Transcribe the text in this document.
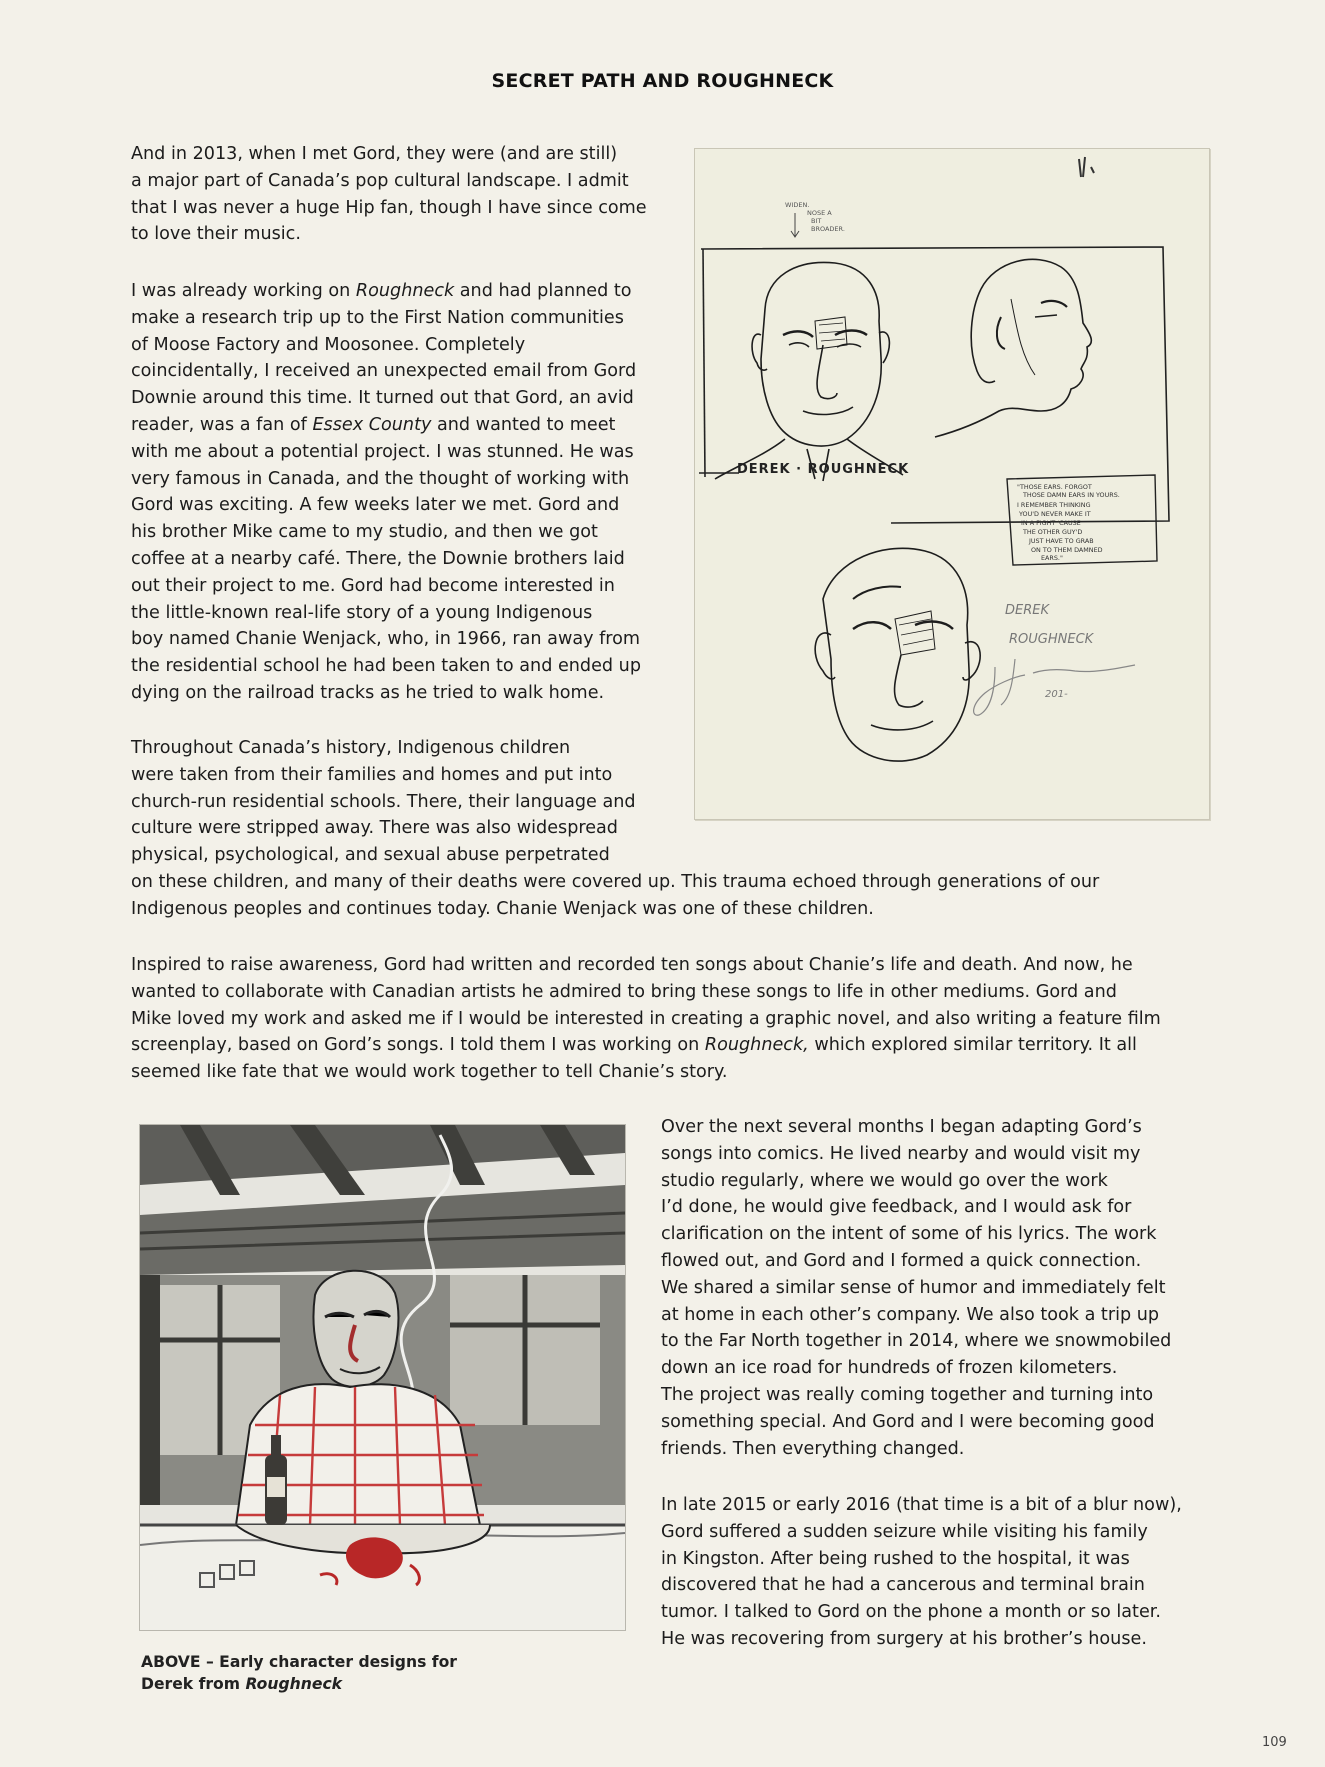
SECRET PATH AND ROUGHNECK
And in 2013, when I met Gord, they were (and are still)
a major part of Canada’s pop cultural landscape. I admit
that I was never a huge Hip fan, though I have since come
to love their music.
I was already working on Roughneck and had planned to
make a research trip up to the First Nation communities
of Moose Factory and Moosonee. Completely
coincidentally, I received an unexpected email from Gord
Downie around this time. It turned out that Gord, an avid
reader, was a fan of Essex County and wanted to meet
with me about a potential project. I was stunned. He was
very famous in Canada, and the thought of working with
Gord was exciting. A few weeks later we met. Gord and
his brother Mike came to my studio, and then we got
coffee at a nearby café. There, the Downie brothers laid
out their project to me. Gord had become interested in
the little-known real-life story of a young Indigenous
boy named Chanie Wenjack, who, in 1966, ran away from
the residential school he had been taken to and ended up
dying on the railroad tracks as he tried to walk home.
Throughout Canada’s history, Indigenous children
were taken from their families and homes and put into
church-run residential schools. There, their language and
culture were stripped away. There was also widespread
physical, psychological, and sexual abuse perpetrated
on these children, and many of their deaths were covered up. This trauma echoed through generations of our
Indigenous peoples and continues today. Chanie Wenjack was one of these children.
Inspired to raise awareness, Gord had written and recorded ten songs about Chanie’s life and death. And now, he
wanted to collaborate with Canadian artists he admired to bring these songs to life in other mediums. Gord and
Mike loved my work and asked me if I would be interested in creating a graphic novel, and also writing a feature film
screenplay, based on Gord’s songs. I told them I was working on Roughneck, which explored similar territory. It all
seemed like fate that we would work together to tell Chanie’s story.
Over the next several months I began adapting Gord’s
songs into comics. He lived nearby and would visit my
studio regularly, where we would go over the work
I’d done, he would give feedback, and I would ask for
clarification on the intent of some of his lyrics. The work
flowed out, and Gord and I formed a quick connection.
We shared a similar sense of humor and immediately felt
at home in each other’s company. We also took a trip up
to the Far North together in 2014, where we snowmobiled
down an ice road for hundreds of frozen kilometers.
The project was really coming together and turning into
something special. And Gord and I were becoming good
friends. Then everything changed.
In late 2015 or early 2016 (that time is a bit of a blur now),
Gord suffered a sudden seizure while visiting his family
in Kingston. After being rushed to the hospital, it was
discovered that he had a cancerous and terminal brain
tumor. I talked to Gord on the phone a month or so later.
He was recovering from surgery at his brother’s house.
WIDEN.
NOSE A
BIT
BROADER.
DEREK · ROUGHNECK
"THOSE EARS. FORGOT
THOSE DAMN EARS IN YOURS.
I REMEMBER THINKING
YOU'D NEVER MAKE IT
IN A FIGHT 'CAUSE
THE OTHER GUY'D
JUST HAVE TO GRAB
ON TO THEM DAMNED
EARS."
DEREK
ROUGHNECK
201-
ABOVE – Early character designs for
Derek from Roughneck
109
